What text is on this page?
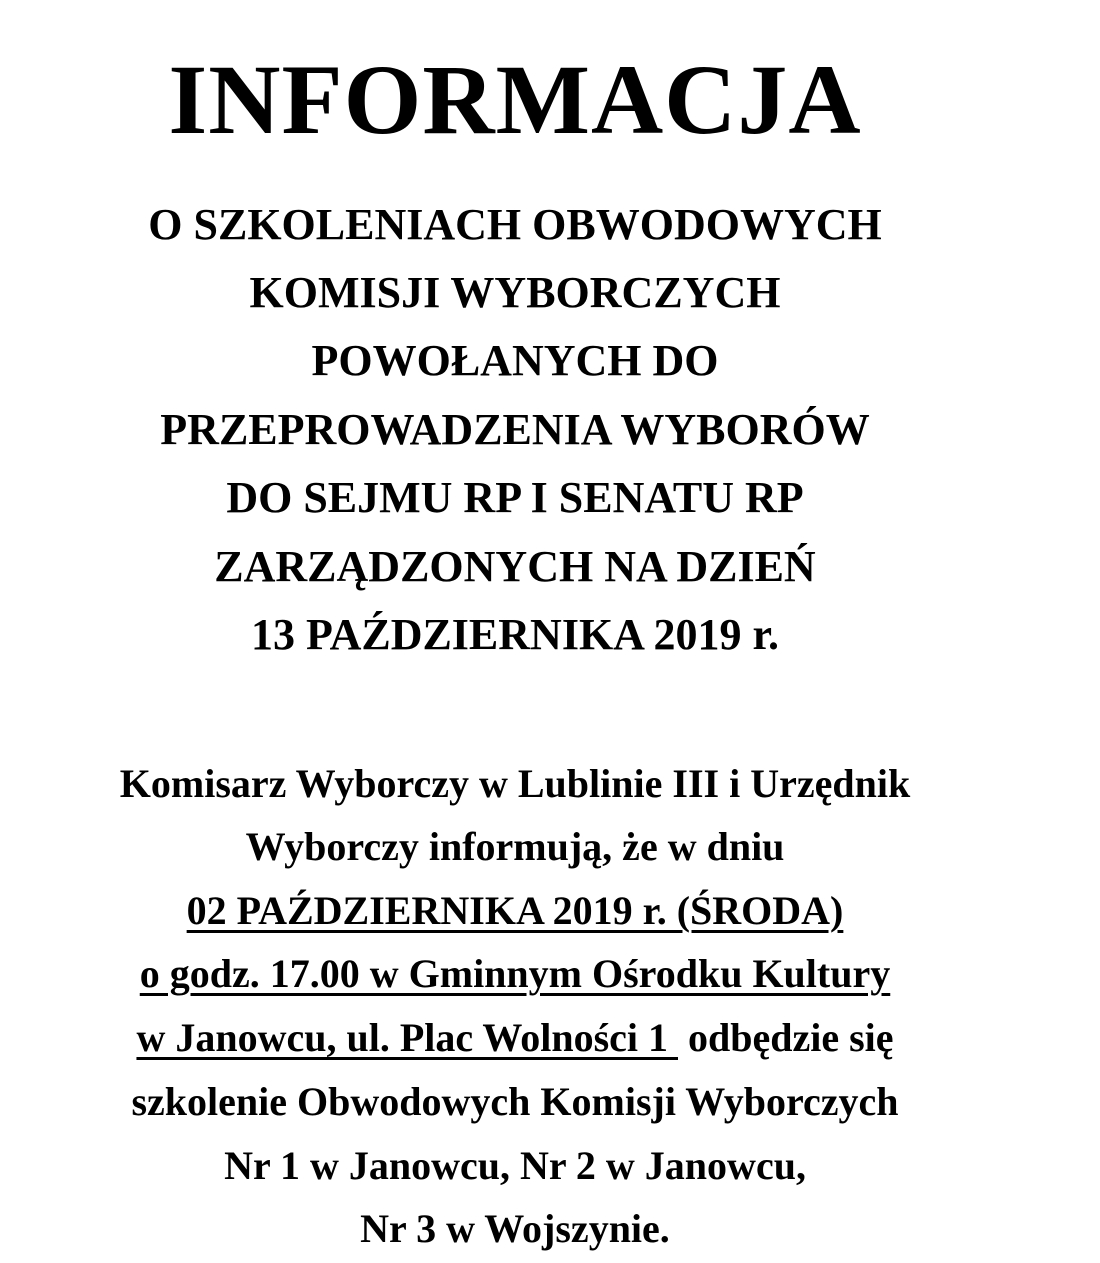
INFORMACJA
O SZKOLENIACH OBWODOWYCH
KOMISJI WYBORCZYCH
POWOŁANYCH DO
PRZEPROWADZENIA WYBORÓW
DO SEJMU RP I SENATU RP
ZARZĄDZONYCH NA DZIEŃ
13 PAŹDZIERNIKA 2019 r.
Komisarz Wyborczy w Lublinie III i Urzędnik
Wyborczy informują, że w dniu
02 PAŹDZIERNIKA 2019 r. (ŚRODA)
o godz. 17.00 w Gminnym Ośrodku Kultury
w Janowcu, ul. Plac Wolności 1  odbędzie się
szkolenie Obwodowych Komisji Wyborczych
Nr 1 w Janowcu, Nr 2 w Janowcu,
Nr 3 w Wojszynie.
